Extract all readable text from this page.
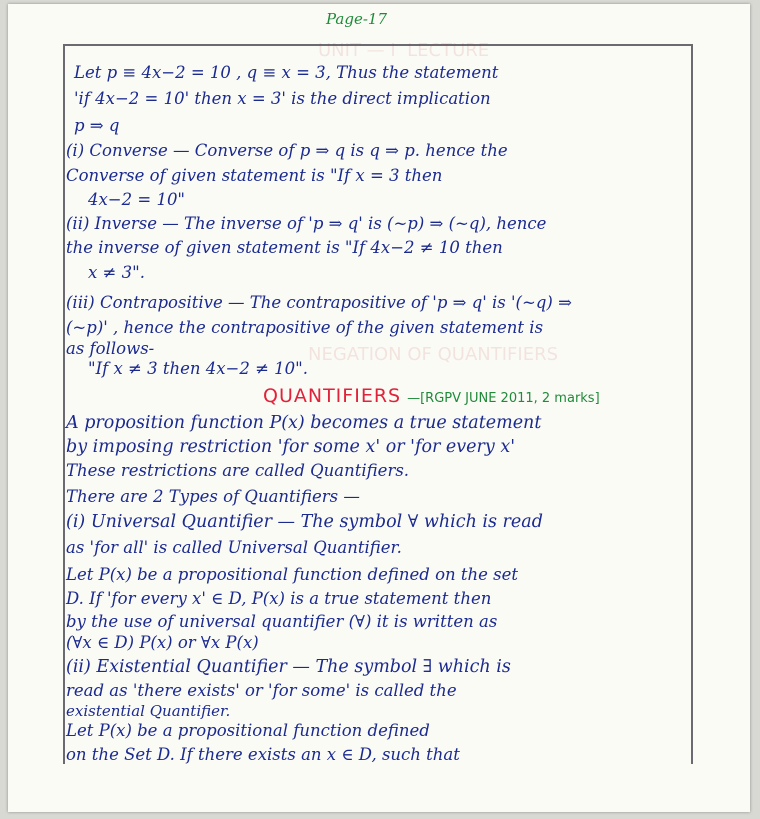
Page-17
NEGATION OF QUANTIFIERS
UNIT — I  LECTURE
Let p ≡ 4x−2 = 10 , q ≡ x = 3, Thus the statement
'if 4x−2 = 10' then x = 3' is the direct implication
p ⇒ q
(i) Converse — Converse of p ⇒ q is q ⇒ p. hence the
Converse of given statement is "If x = 3 then
4x−2 = 10"
(ii) Inverse — The inverse of 'p ⇒ q' is (~p) ⇒ (~q), hence
the inverse of given statement is "If 4x−2 ≠ 10 then
x ≠ 3".
(iii) Contrapositive — The contrapositive of 'p ⇒ q' is '(~q) ⇒
(~p)' , hence the contrapositive of the given statement is
as follows-
"If x ≠ 3 then 4x−2 ≠ 10".
QUANTIFIERS —[RGPV JUNE 2011, 2 marks]
A proposition function P(x) becomes a true statement
by imposing restriction 'for some x' or 'for every x'
These restrictions are called Quantifiers.
There are 2 Types of Quantifiers —
(i) Universal Quantifier — The symbol ∀ which is read
as 'for all' is called Universal Quantifier.
Let P(x) be a propositional function defined on the set
D. If 'for every x' ∈ D, P(x) is a true statement then
by the use of universal quantifier (∀) it is written as
(∀x ∈ D) P(x) or ∀x P(x)
(ii) Existential Quantifier — The symbol ∃ which is
read as 'there exists' or 'for some' is called the
existential Quantifier.
Let P(x) be a propositional function defined
on the Set D. If there exists an x ∈ D, such that
